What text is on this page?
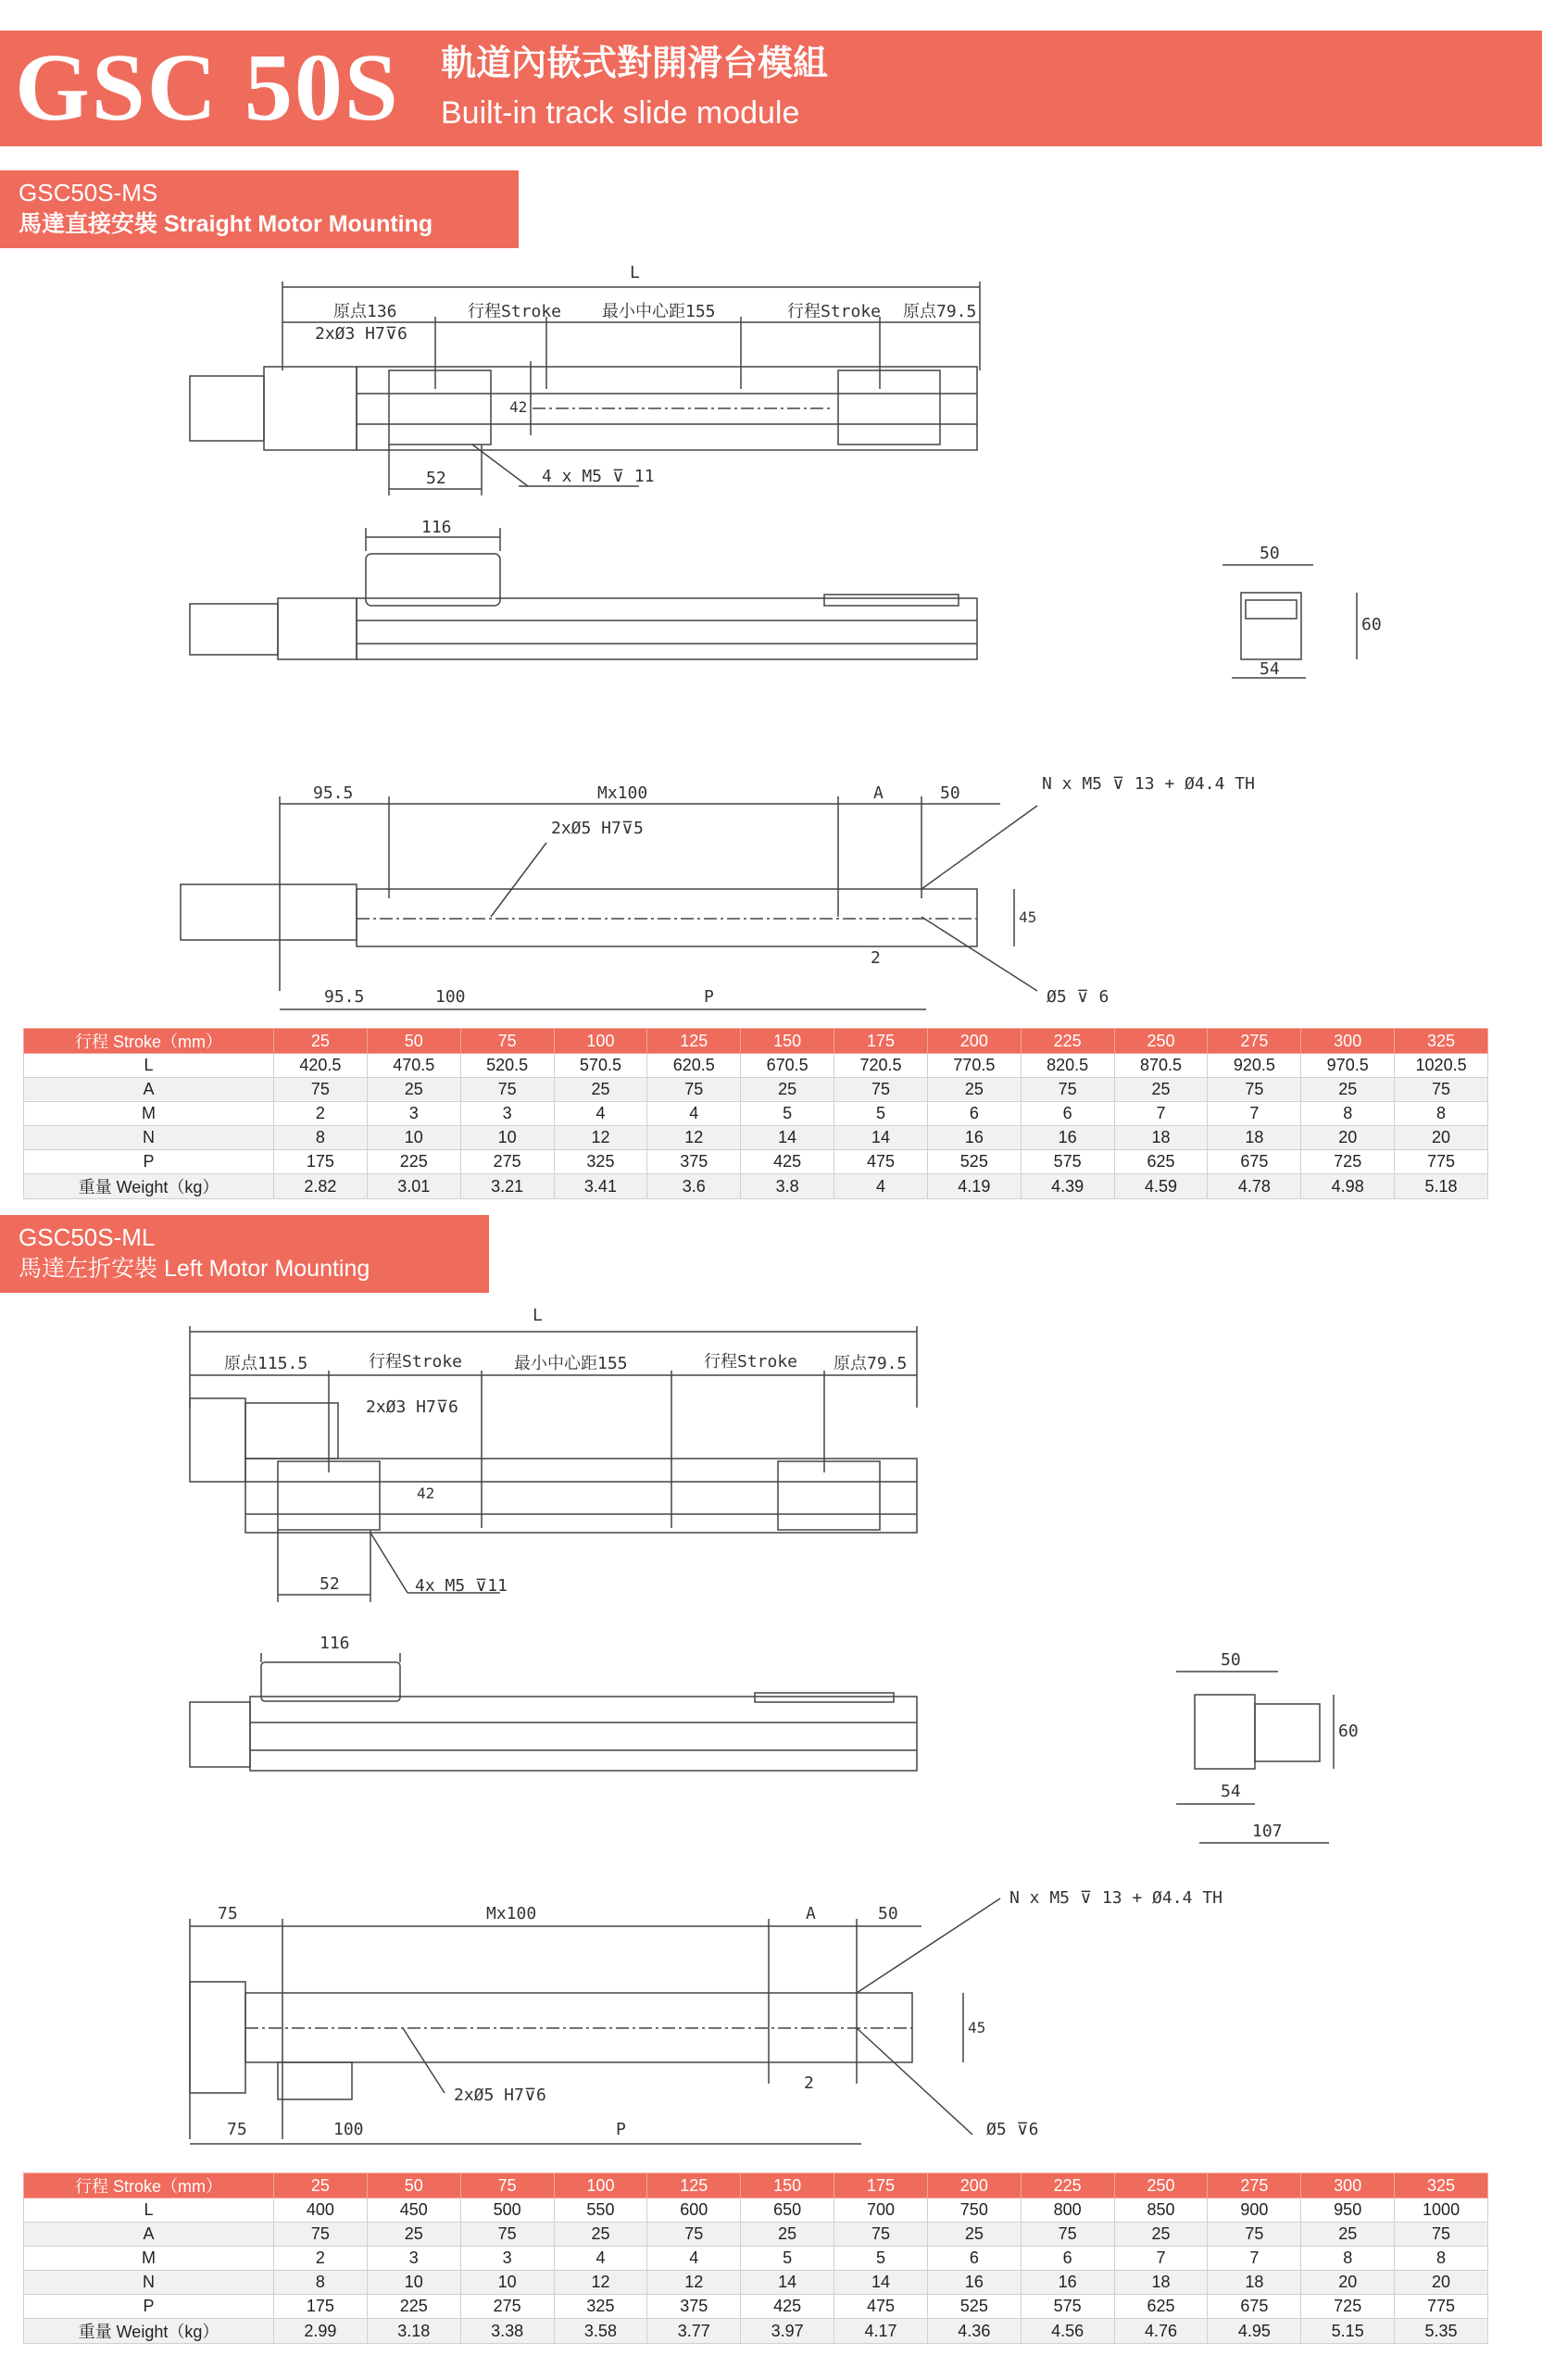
GSC 50S 軌道內嵌式對開滑台模組
Built-in track slide module
GSC50S-MS
馬達直接安裝 Straight Motor Mounting
L
原点136	行程Stroke 最小中心距155	行程Stroke 原点79.5
2xØ3 H7⊽6
42
52	4 x M5 ⊽ 11
116
50
60
54
95.5	Mx100	A	50	N x M5 ⊽ 13 + Ø4.4 TH
2xØ5 H7⊽5
45
2
95.5	100	P	Ø5 ⊽ 6
行程 Stroke（mm）	25	50	75	100	125	150	175	200	225	250	275	300	325
L	420.5	470.5	520.5	570.5	620.5	670.5	720.5	770.5	820.5	870.5	920.5	970.5	1020.5
A	75	25	75	25	75	25	75	25	75	25	75	25	75
M	2	3	3	4	4	5	5	6	6	7	7	8	8
N	8	10	10	12	12	14	14	16	16	18	18	20	20
P	175	225	275	325	375	425	475	525	575	625	675	725	775
重量 Weight（kg）	2.82	3.01	3.21	3.41	3.6	3.8	4	4.19	4.39	4.59	4.78	4.98	5.18
GSC50S-ML
馬達左折安裝 Left Motor Mounting
L
原点115.5	行程Stroke	最小中心距155	行程Stroke 原点79.5
2xØ3 H7⊽6
42
52	4x M5 ⊽11
116
50
60
54
107
75	Mx100	A	50
N x M5 ⊽ 13 + Ø4.4 TH
2xØ5 H7⊽6
45
2
75	100	P	Ø5 ⊽6
行程 Stroke（mm）	25	50	75	100	125	150	175	200	225	250	275	300	325
L	400	450	500	550	600	650	700	750	800	850	900	950	1000
A	75	25	75	25	75	25	75	25	75	25	75	25	75
M	2	3	3	4	4	5	5	6	6	7	7	8	8
N	8	10	10	12	12	14	14	16	16	18	18	20	20
P	175	225	275	325	375	425	475	525	575	625	675	725	775
重量 Weight（kg）	2.99	3.18	3.38	3.58	3.77	3.97	4.17	4.36	4.56	4.76	4.95	5.15	5.35
